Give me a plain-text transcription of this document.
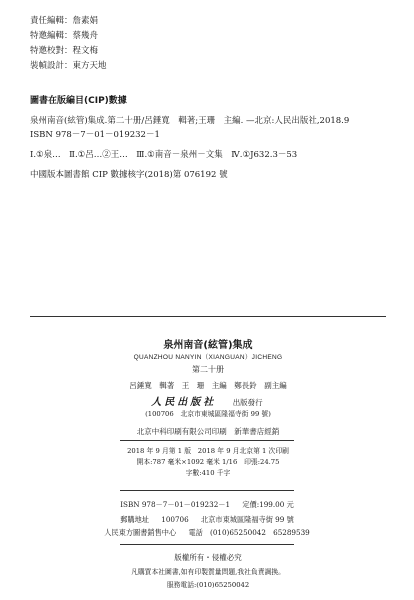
責任編輯：詹素娟
特邀編輯：蔡幾舟
特邀校對：程文梅
裝幀設計：東方天地
圖書在版編目(CIP)數據
泉州南音(絃管)集成.第二十册/呂錘寬　輯著;王珊　主編. —北京:人民出版社,2018.9
ISBN 978－7－01－019232－1
Ⅰ.①泉…　Ⅱ.①呂…②王…　Ⅲ.①南音－泉州－文集　Ⅳ.①J632.3－53
中國版本圖書館 CIP 數據核字(2018)第 076192 號
泉州南音(絃管)集成
QUANZHOU NANYIN（XIANGUAN）JICHENG
第二十册
呂錘寬　輯著　王　珊　主編　鄭長鈴　副主編
人民出版社 出版發行
(100706　北京市東城區隆福寺街 99 號)
北京中科印刷有限公司印刷　新華書店經銷
2018 年 9 月第 1 版　2018 年 9 月北京第 1 次印刷
開本:787 毫米×1092 毫米 1/16　印張:24.75
字數:410 千字
ISBN 978－7－01－019232－1 定價:199.00 元
郵購地址 100706 北京市東城區隆福寺街 99 號
人民東方圖書銷售中心 電話　(010)65250042　65289539
版權所有・侵權必究
凡購買本社圖書,如有印製質量問題,我社負責調换。
服務電話:(010)65250042
